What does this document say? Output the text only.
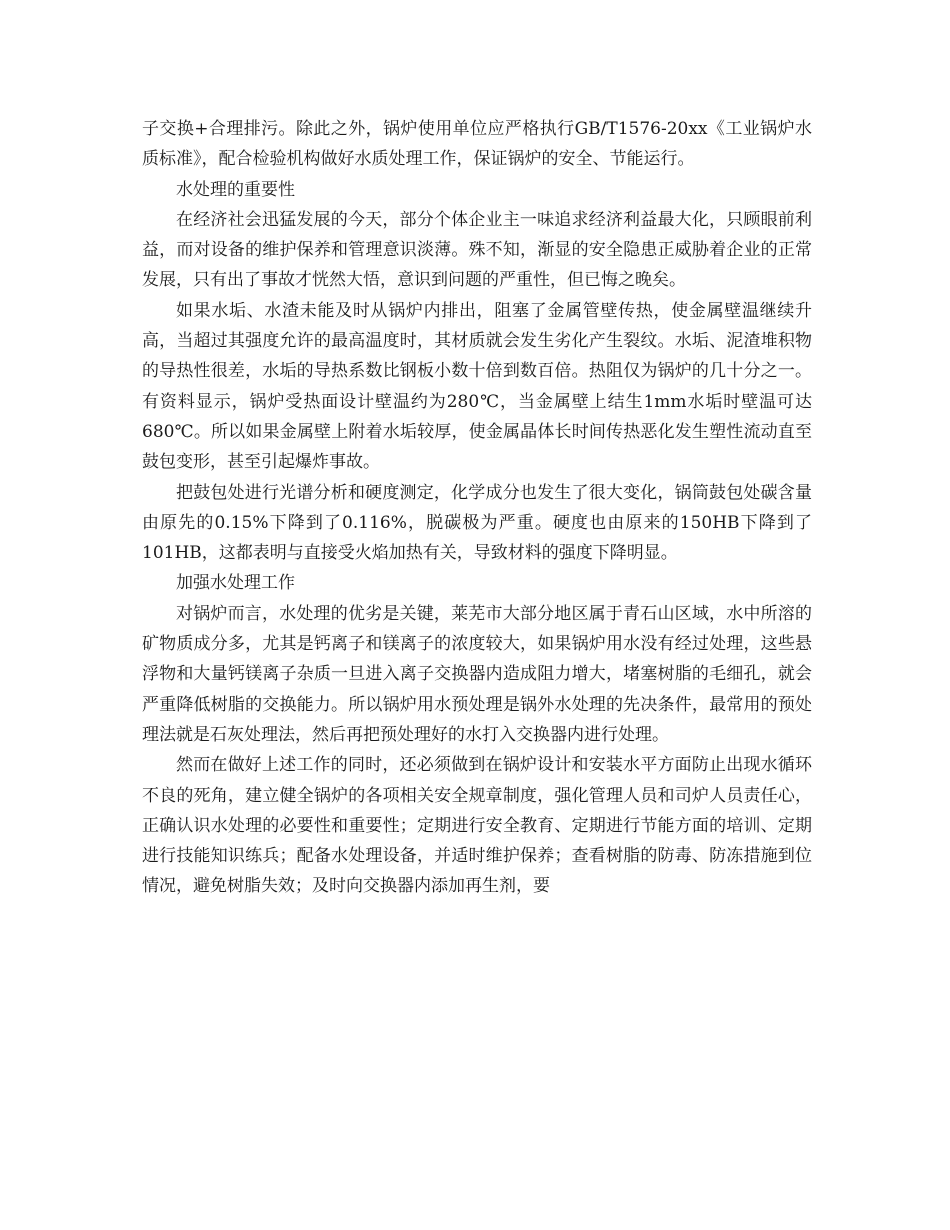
子交换+合理排污。除此之外，锅炉使用单位应严格执行GB/T1576-20xx《工业锅炉水质标准》，配合检验机构做好水质处理工作，保证锅炉的安全、节能运行。

水处理的重要性

在经济社会迅猛发展的今天，部分个体企业主一味追求经济利益最大化，只顾眼前利益，而对设备的维护保养和管理意识淡薄。殊不知，渐显的安全隐患正威胁着企业的正常发展，只有出了事故才恍然大悟，意识到问题的严重性，但已悔之晚矣。

如果水垢、水渣未能及时从锅炉内排出，阻塞了金属管壁传热，使金属壁温继续升高，当超过其强度允许的最高温度时，其材质就会发生劣化产生裂纹。水垢、泥渣堆积物的导热性很差，水垢的导热系数比钢板小数十倍到数百倍。热阻仅为锅炉的几十分之一。有资料显示，锅炉受热面设计壁温约为280℃，当金属壁上结生1mm水垢时壁温可达680℃。所以如果金属壁上附着水垢较厚，使金属晶体长时间传热恶化发生塑性流动直至鼓包变形，甚至引起爆炸事故。

把鼓包处进行光谱分析和硬度测定，化学成分也发生了很大变化，锅筒鼓包处碳含量由原先的0.15%下降到了0.116%，脱碳极为严重。硬度也由原来的150HB下降到了101HB，这都表明与直接受火焰加热有关，导致材料的强度下降明显。

加强水处理工作

对锅炉而言，水处理的优劣是关键，莱芜市大部分地区属于青石山区域，水中所溶的矿物质成分多，尤其是钙离子和镁离子的浓度较大，如果锅炉用水没有经过处理，这些悬浮物和大量钙镁离子杂质一旦进入离子交换器内造成阻力增大，堵塞树脂的毛细孔，就会严重降低树脂的交换能力。所以锅炉用水预处理是锅外水处理的先决条件，最常用的预处理法就是石灰处理法，然后再把预处理好的水打入交换器内进行处理。

然而在做好上述工作的同时，还必须做到在锅炉设计和安装水平方面防止出现水循环不良的死角，建立健全锅炉的各项相关安全规章制度，强化管理人员和司炉人员责任心，正确认识水处理的必要性和重要性；定期进行安全教育、定期进行节能方面的培训、定期进行技能知识练兵；配备水处理设备，并适时维护保养；查看树脂的防毒、防冻措施到位情况，避免树脂失效；及时向交换器内添加再生剂，要
